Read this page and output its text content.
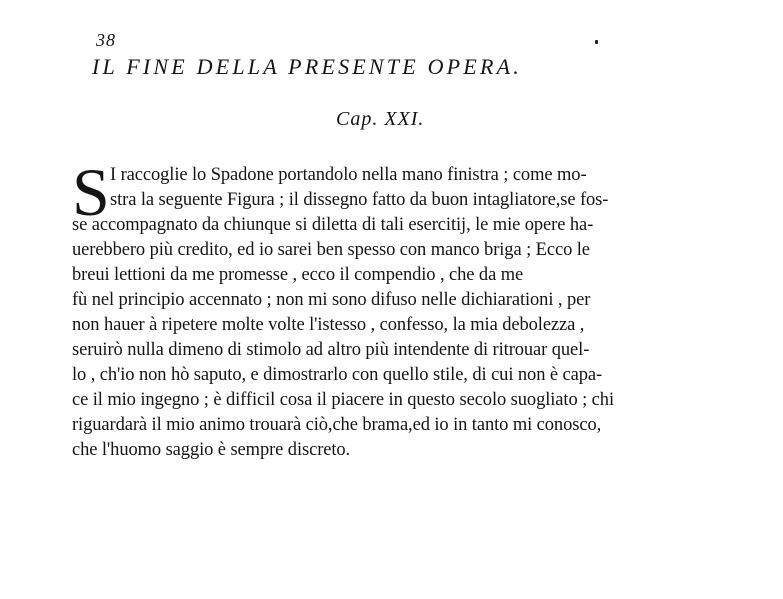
38
IL FINE DELLA PRESENTE OPERA.
Cap. XXI.
S I raccoglie lo Spadone portandolo nella mano finistra ; come mo-
stra la seguente Figura ; il dissegno fatto da buon intagliatore,se fos-
se accompagnato da chiunque si diletta di tali esercitij, le mie opere ha-
uerebbero più credito, ed io sarei ben spesso con manco briga ; Ecco le
breui lettioni da me promesse , ecco il compendio , che da me
fù nel principio accennato ; non mi sono difuso nelle dichiarationi , per
non hauer à ripetere molte volte l'istesso , confesso, la mia debolezza ,
seruirò nulla dimeno di stimolo ad altro più intendente di ritrouar quel-
lo , ch'io non hò saputo, e dimostrarlo con quello stile, di cui non è capa-
ce il mio ingegno ; è difficil cosa il piacere in questo secolo suogliato ; chi
riguardarà il mio animo trouarà ciò,che brama,ed io in tanto mi conosco,
che l'huomo saggio è sempre discreto.
